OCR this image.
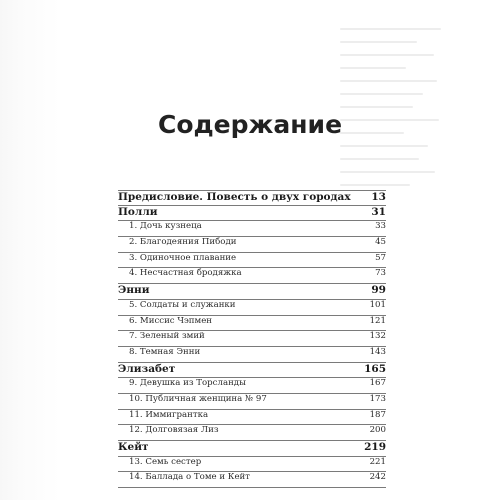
Содержание
Предисловие. Повесть о двух городах 13
Полли	31
1. Дочь кузнеца	33
2. Благодеяния Пибоди	45
3. Одиночное плавание	57
4. Несчастная бродяжка	73
Энни	99
5. Солдаты и служанки	101
6. Миссис Чэпмен	121
7. Зеленый змий	132
8. Темная Энни	143
Элизабет	165
9. Девушка из Торсланды	167
10. Публичная женщина № 97	173
11. Иммигрантка	187
12. Долговязая Лиз	200
Кейт	219
13. Семь сестер	221
14. Баллада о Томе и Кейт	242
